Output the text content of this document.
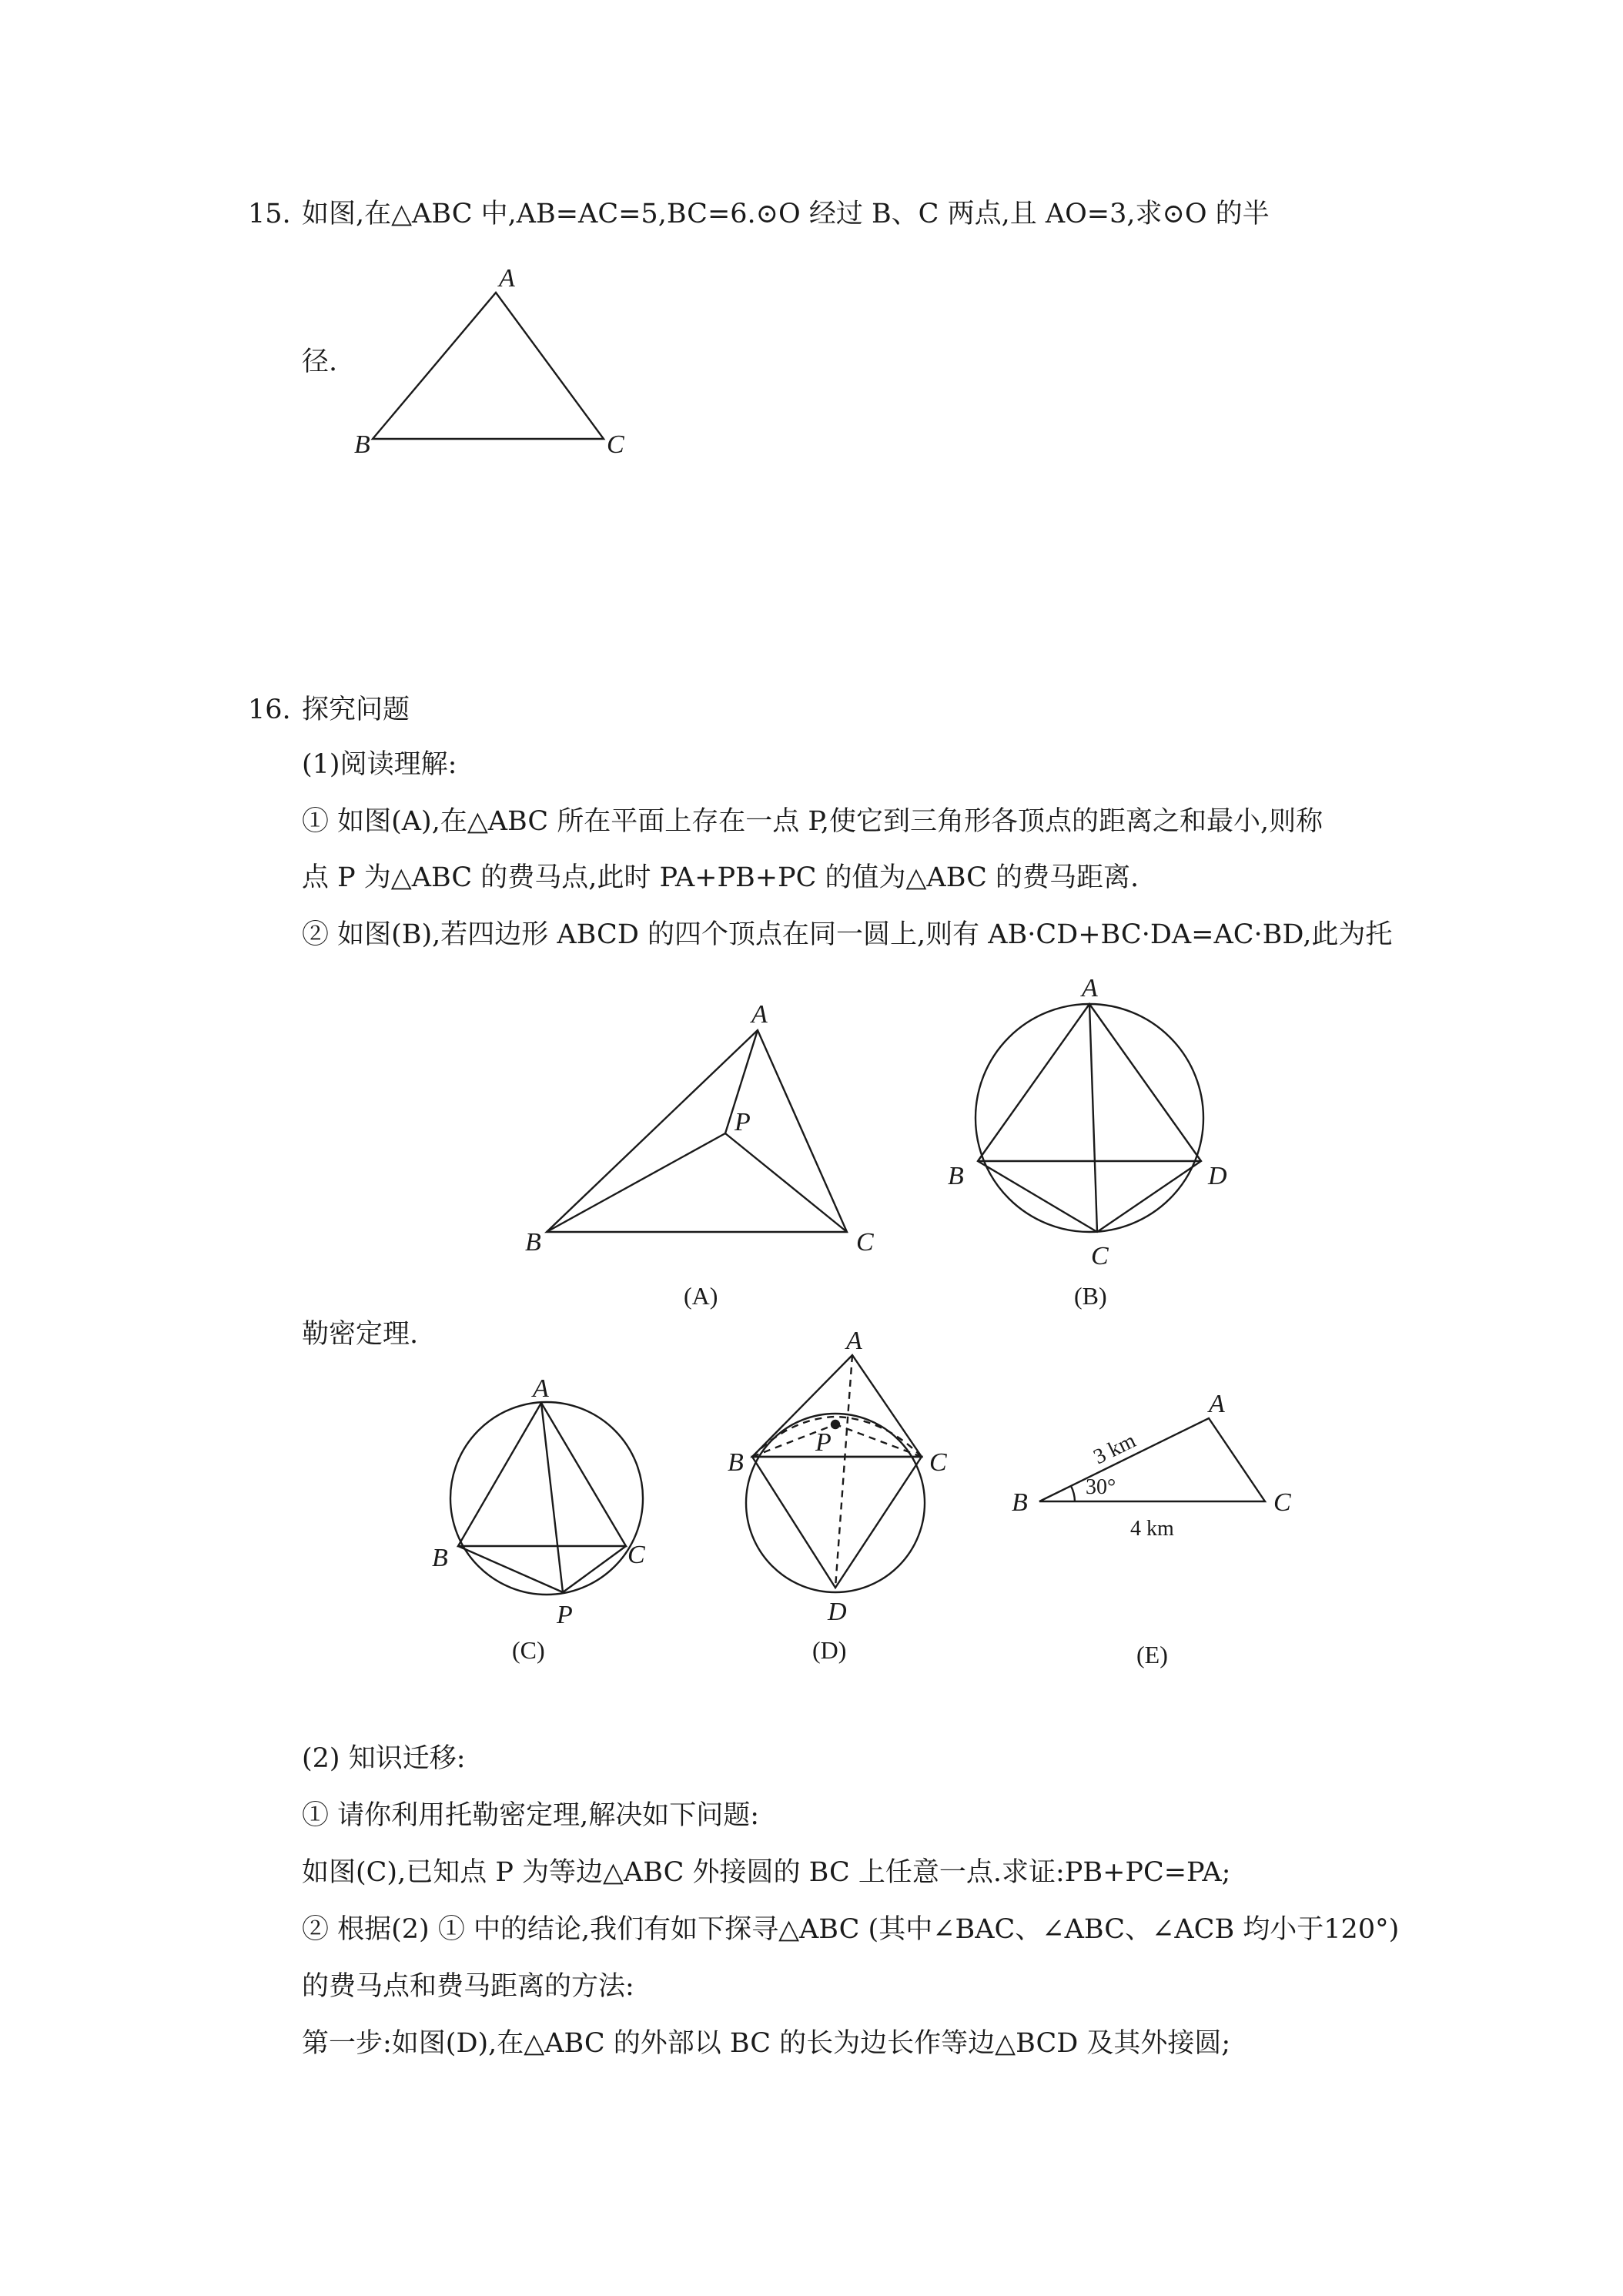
15. 如图,在△ABC 中,AB=AC=5,BC=6.⊙O 经过 B、C 两点,且 AO=3,求⊙O 的半
径.
A
B	C
16. 探究问题
(1)阅读理解:
① 如图(A),在△ABC 所在平面上存在一点 P,使它到三角形各顶点的距离之和最小,则称
点 P 为△ABC 的费马点,此时 PA+PB+PC 的值为△ABC 的费马距离.
② 如图(B),若四边形 ABCD 的四个顶点在同一圆上,则有 AB·CD+BC·DA=AC·BD,此为托
A
B	C
P
(A)
A
B
C
D
(B)
勒密定理.
A
B	C
P
(C)
A
B	C
D
P
(D)
A
B	C
3 km
30°
4 km
(E)
(2) 知识迁移:
① 请你利用托勒密定理,解决如下问题:
如图(C),已知点 P 为等边△ABC 外接圆的 BC 上任意一点.求证:PB+PC=PA;
② 根据(2) ① 中的结论,我们有如下探寻△ABC (其中∠BAC、∠ABC、∠ACB 均小于120°)
的费马点和费马距离的方法:
第一步:如图(D),在△ABC 的外部以 BC 的长为边长作等边△BCD 及其外接圆;
